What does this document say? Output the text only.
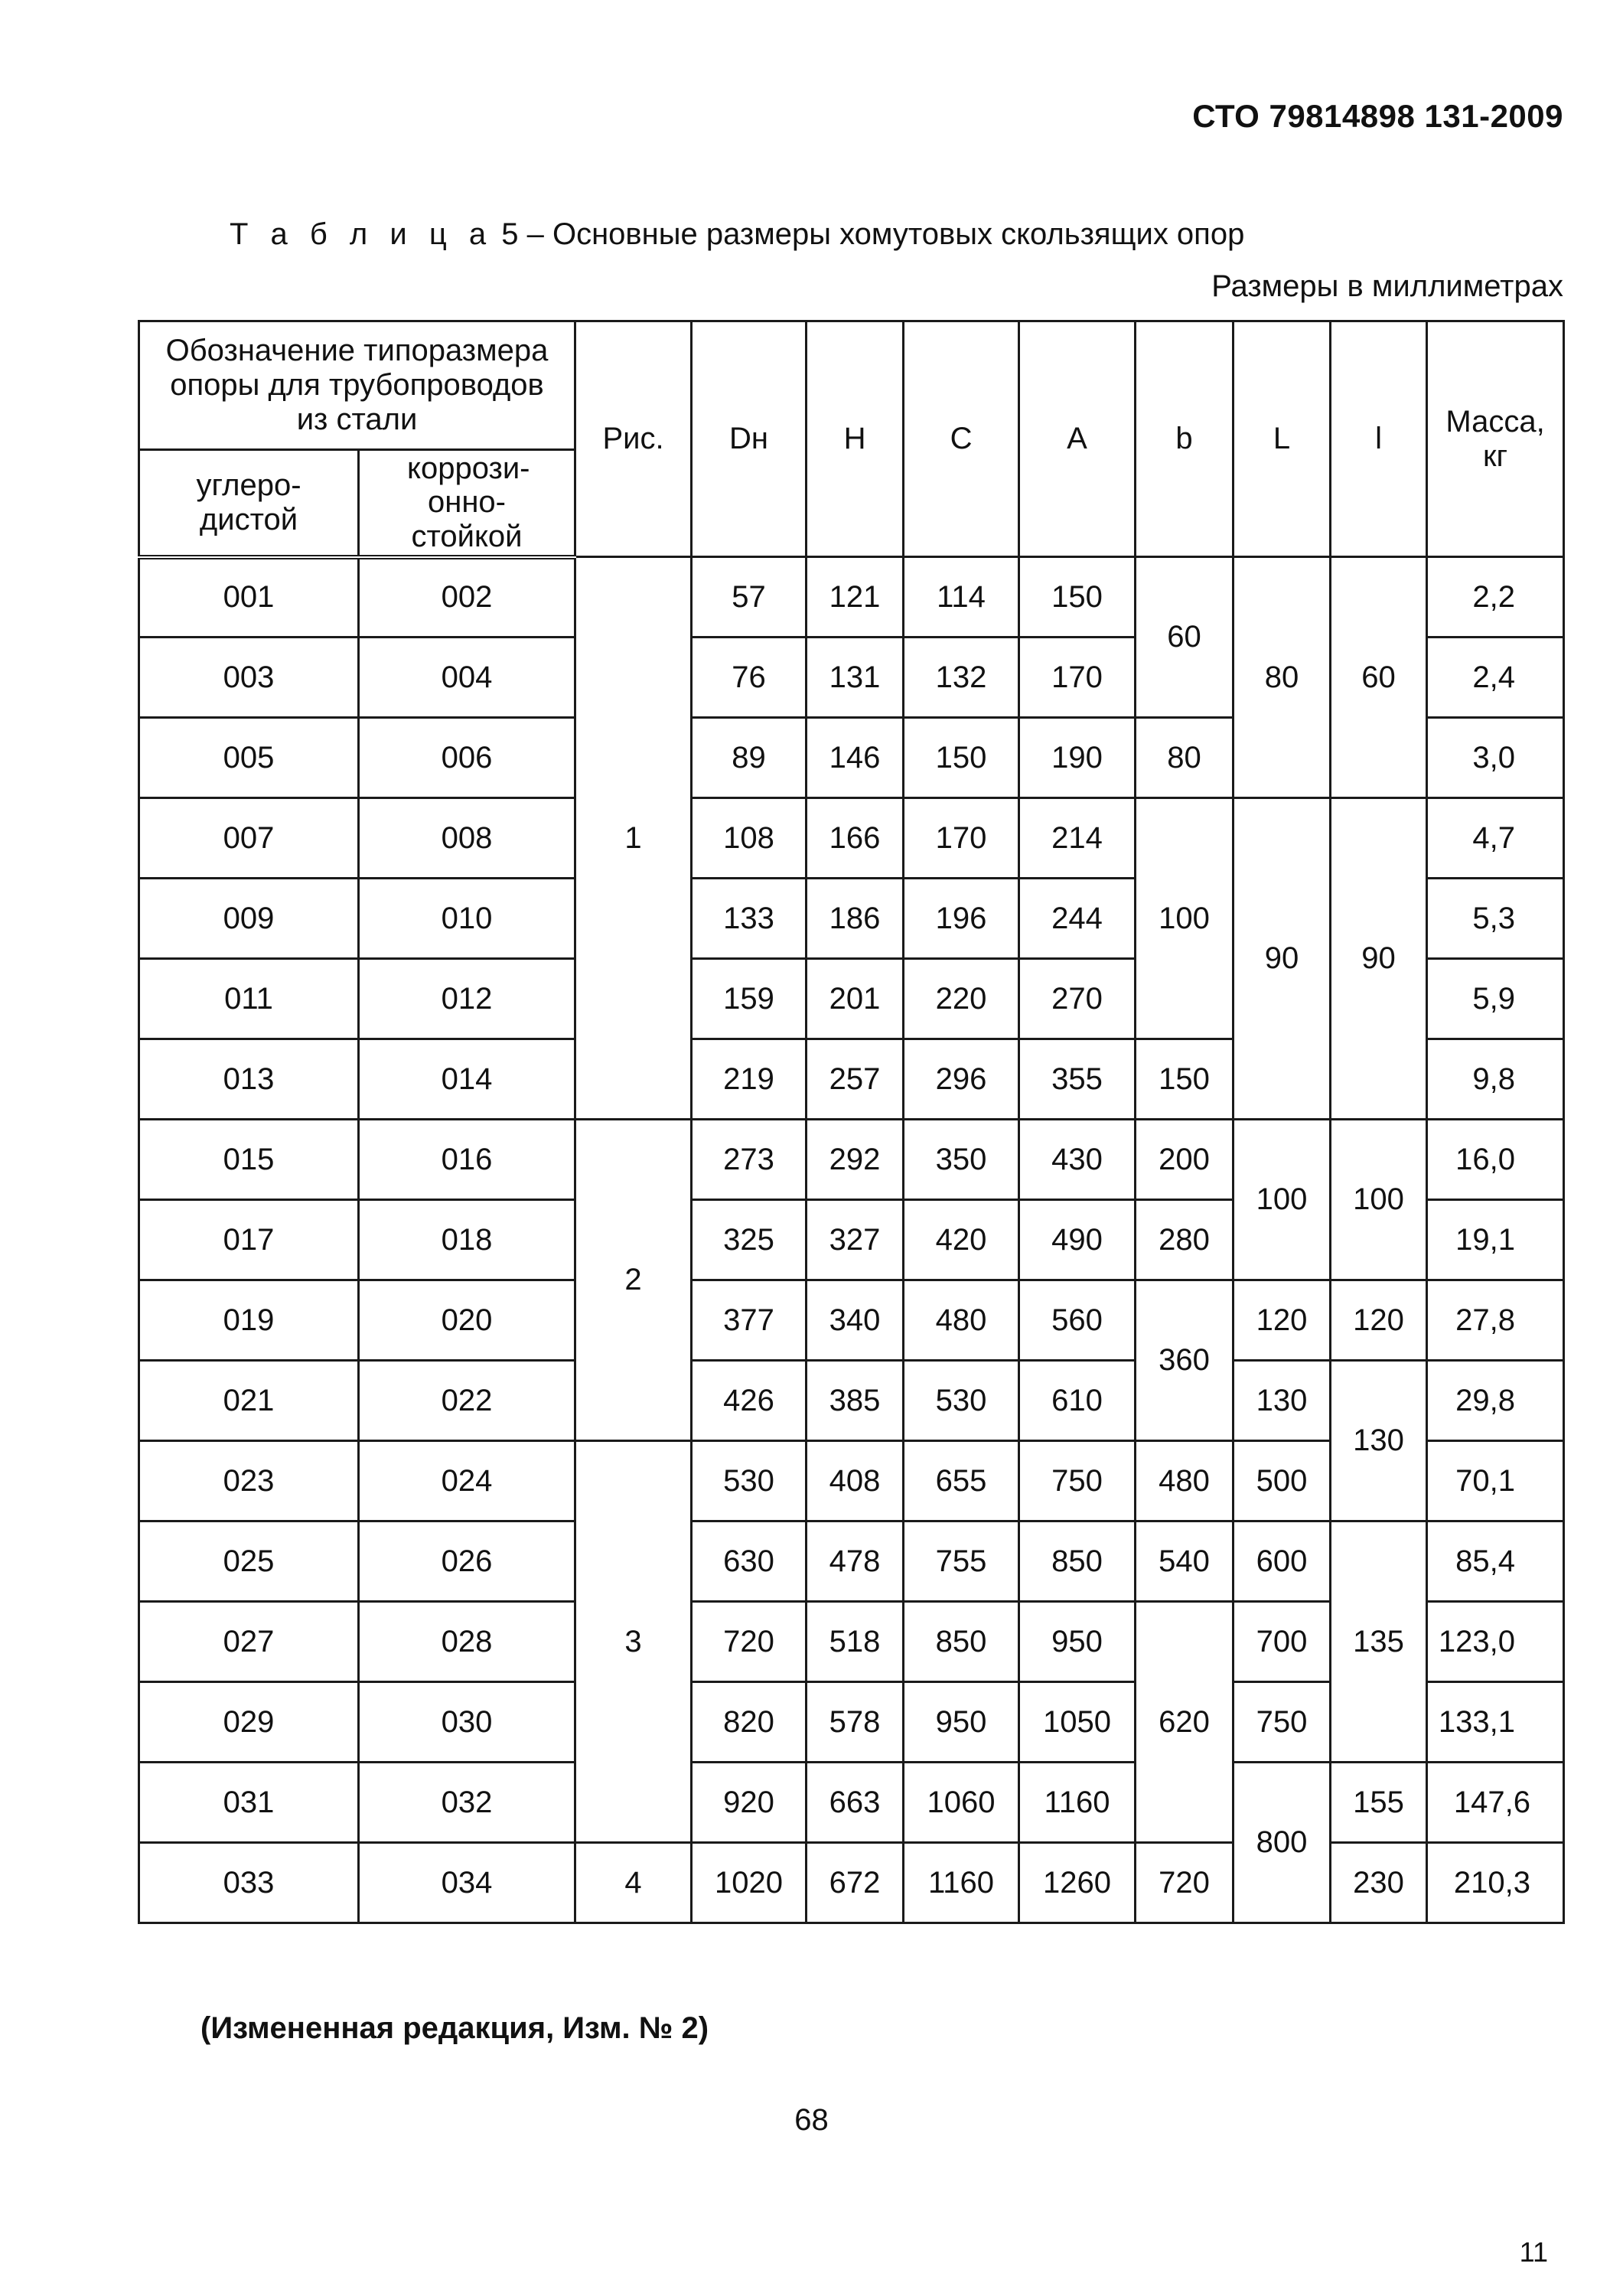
СТО 79814898 131-2009
Т а б л и ц а 5 – Основные размеры хомутовых скользящих опор
Размеры в миллиметрах
Обозначение типоразмера опоры для трубопроводов из стали		Рис.	Dн	H	C	A	b	L	l	Масса, кг
углеро-дистой	коррози-онно-стойкой									
001	002	1	57	121	114	150	60	80	60	2,2
003	004		76	131	132	170				2,4
005	006		89	146	150	190	80			3,0
007	008		108	166	170	214	100	90	90	4,7
009	010		133	186	196	244				5,3
011	012		159	201	220	270				5,9
013	014		219	257	296	355	150			9,8
015	016	2	273	292	350	430	200	100	100	16,0
017	018		325	327	420	490	280			19,1
019	020		377	340	480	560	360	120	120	27,8
021	022		426	385	530	610		130	130	29,8
023	024	3	530	408	655	750	480	500		70,1
025	026		630	478	755	850	540	600	135	85,4
027	028		720	518	850	950	620	700		123,0
029	030		820	578	950	1050		750		133,1
031	032		920	663	1060	1160		800	155	147,6
033	034	4	1020	672	1160	1260	720		230	210,3
(Измененная редакция, Изм. № 2)
68
11
